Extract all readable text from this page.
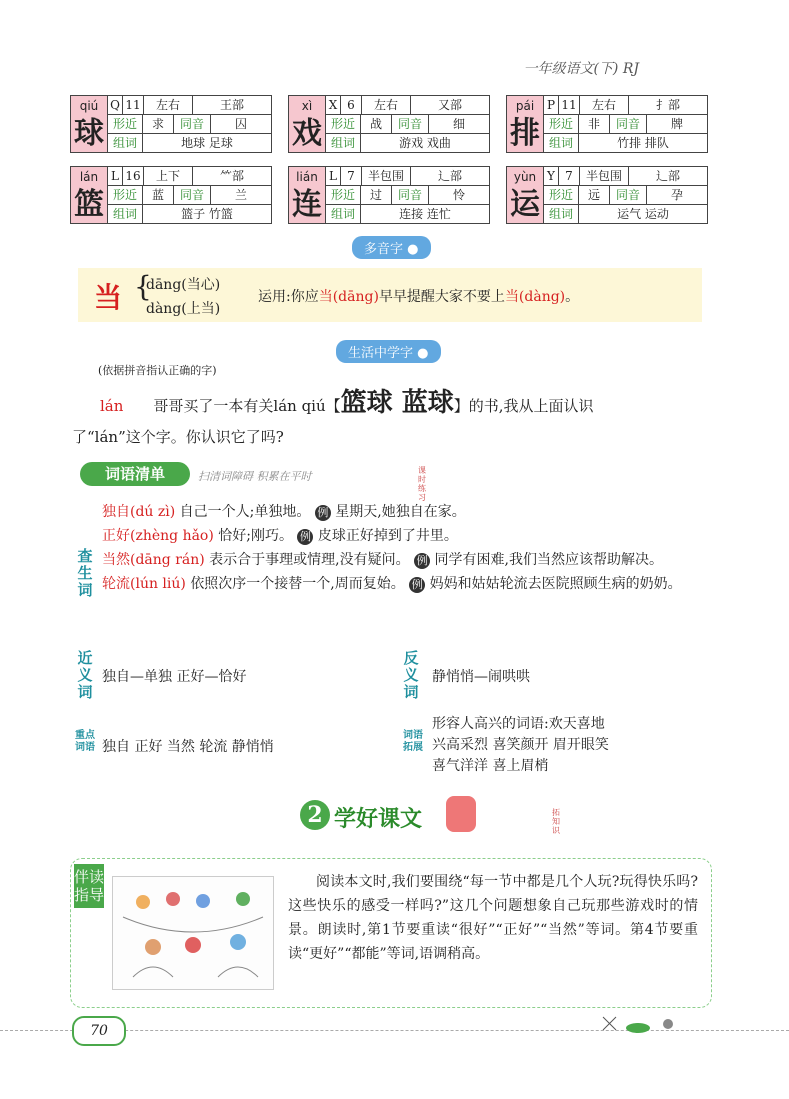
一年级语文(下) RJ
qiú
球
Q 11	左右	王部
形近	求	同音	囚
组词	地球 足球
xì
戏
X 6	左右	又部
形近	战	同音	细
组词	游戏 戏曲
pái
排
P 11	左右	扌部
形近	非	同音	牌
组词	竹排 排队
lán
篮
L 16	上下	⺮部
形近	蓝	同音	兰
组词	篮子 竹篮
lián
连
L 7	半包围	辶部
形近	过	同音	怜
组词	连接 连忙
yùn
运
Y 7	半包围	辶部
形近	远	同音	孕
组词	运气 运动
多音字 ●
当 {
dāng(当心)
dàng(上当)
运用:你应当(dāng)早早提醒大家不要上当(dàng)。
生活中学字 ●
(依据拼音指认正确的字)
lán 哥哥买了一本有关lán qiú【篮球 蓝球】的书,我从上面认识
了“lán”这个字。你认识它了吗?
词语清单	扫清词障碍 积累在平时	课时练习
查生词
独自(dú zì) 自己一个人;单独地。 例 星期天,她独自在家。
正好(zhèng hǎo) 恰好;刚巧。 例 皮球正好掉到了井里。
当然(dāng rán) 表示合于事理或情理,没有疑问。 例 同学有困难,我们当然应该帮助解决。
轮流(lún liú) 依照次序一个接替一个,周而复始。 例 妈妈和姑姑轮流去医院照顾生病的奶奶。
近义词
独自—单独 正好—恰好
反义词
静悄悄—闹哄哄
重点词语 独自 正好 当然 轮流 静悄悄
词语拓展
形容人高兴的词语:欢天喜地
兴高采烈 喜笑颜开 眉开眼笑
喜气洋洋 喜上眉梢
2 学好课文	拓知识
伴读指导
阅读本文时,我们要围绕“每一节中都是几个人玩?玩得快乐吗?这些快乐的感受一样吗?”这几个问题想象自己玩那些游戏时的情景。朗读时,第1节要重读“很好”“正好”“当然”等词。第4节要重读“更好”“都能”等词,语调稍高。
70
